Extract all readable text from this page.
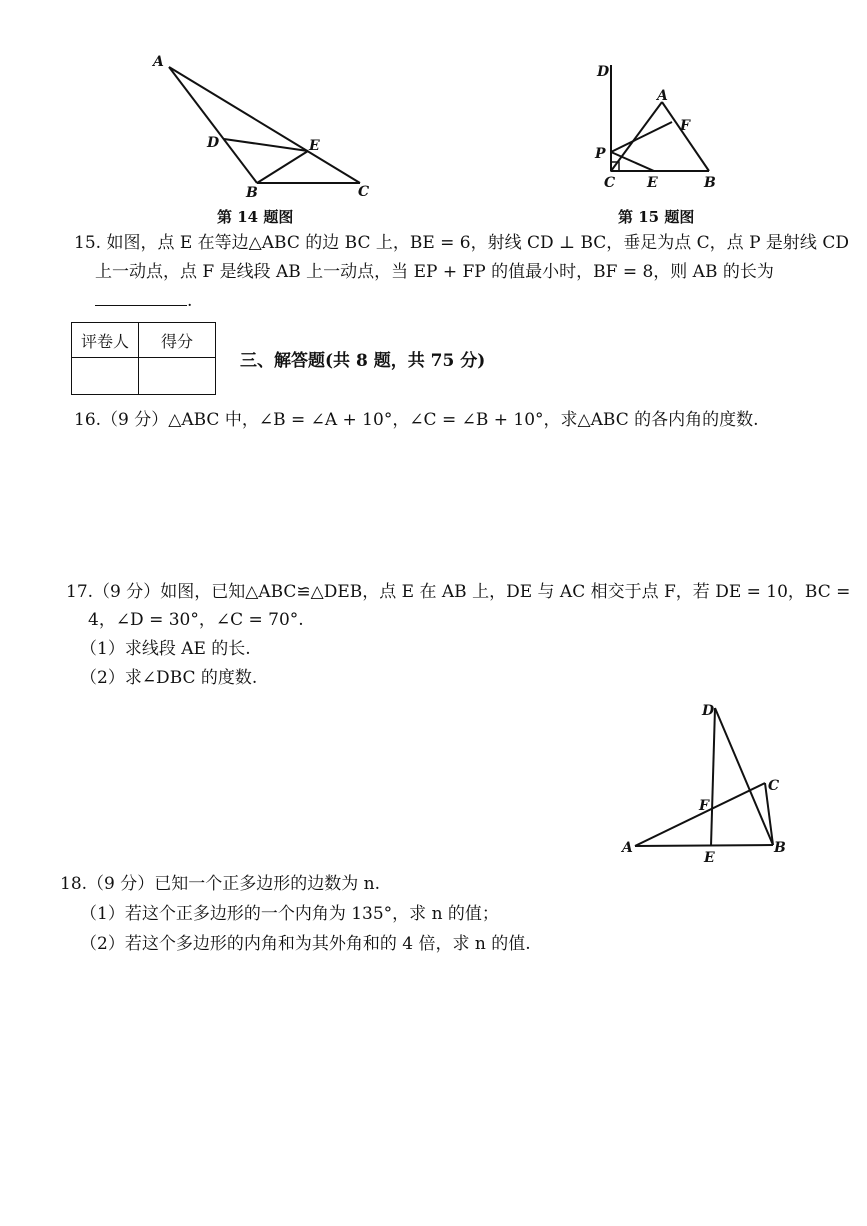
A
D	E
B	C
第 14 题图
D
A
F
P
C E	B
第 15 题图
15. 如图，点 E 在等边△ABC 的边 BC 上，BE = 6，射线 CD ⊥ BC，垂足为点 C，点 P 是射线 CD
上一动点，点 F 是线段 AB 上一动点，当 EP + FP 的值最小时，BF = 8，则 AB 的长为
.
评卷人	得分

三、解答题(共 8 题，共 75 分)
16.（9 分）△ABC 中，∠B = ∠A + 10°，∠C = ∠B + 10°，求△ABC 的各内角的度数.
17.（9 分）如图，已知△ABC≌△DEB，点 E 在 AB 上，DE 与 AC 相交于点 F，若 DE = 10，BC =
4，∠D = 30°，∠C = 70°.
（1）求线段 AE 的长.
（2）求∠DBC 的度数.
D
C
F
A
E
B
18.（9 分）已知一个正多边形的边数为 n.
（1）若这个正多边形的一个内角为 135°，求 n 的值；
（2）若这个多边形的内角和为其外角和的 4 倍，求 n 的值.
